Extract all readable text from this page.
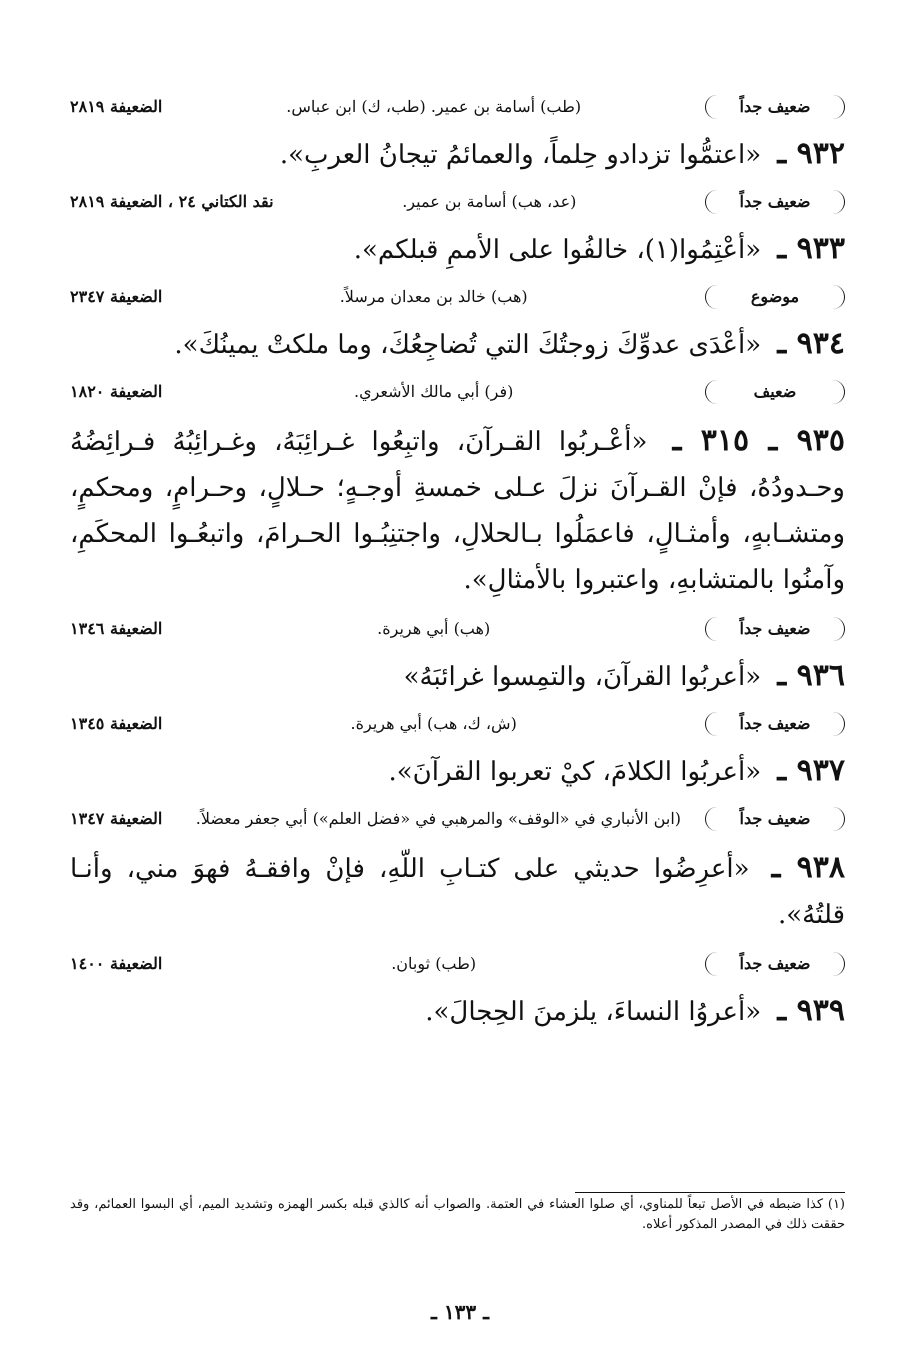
ضعيف جداً
(طب) أسامة بن عمير. (طب، ك) ابن عباس.
الضعيفة ٢٨١٩
٩٣٢ ـ «اعتمُّوا تزدادو حِلماً، والعمائمُ تيجانُ العربِ».
ضعيف جداً
(عد، هب) أسامة بن عمير.
نقد الكتاني ٢٤ ، الضعيفة ٢٨١٩
٩٣٣ ـ «أعْتِمُوا(١)، خالفُوا على الأممِ قبلكم».
موضوع
(هب) خالد بن معدان مرسلاً.
الضعيفة ٢٣٤٧
٩٣٤ ـ «أعْدَى عدوِّكَ زوجتُكَ التي تُضاجِعُكَ، وما ملكتْ يمينُكَ».
ضعيف
(فر) أبي مالك الأشعري.
الضعيفة ١٨٢٠
٩٣٥ ـ ٣١٥ ـ «أعْـربُوا القـرآنَ، واتبِعُوا غـرائِبَهُ، وغـرائِبُهُ فـرائِضُهُ وحـدودُهُ، فإنْ القـرآنَ نزلَ عـلى خمسةِ أوجـهٍ؛ حـلالٍ، وحـرامٍ، ومحكمٍ، ومتشـابهٍ، وأمثـالٍ، فاعمَلُوا بـالحلالِ، واجتنِبُـوا الحـرامَ، واتبعُـوا المحكَمِ، وآمنُوا بالمتشابهِ، واعتبروا بالأمثالِ».
ضعيف جداً
(هب) أبي هريرة.
الضعيفة ١٣٤٦
٩٣٦ ـ «أعربُوا القرآنَ، والتمِسوا غرائبَهُ»
ضعيف جداً
(ش، ك، هب) أبي هريرة.
الضعيفة ١٣٤٥
٩٣٧ ـ «أعربُوا الكلامَ، كيْ تعربوا القرآنَ».
ضعيف جداً
(ابن الأنباري في «الوقف» والمرهبي في «فضل العلم») أبي جعفر معضلاً.
الضعيفة ١٣٤٧
٩٣٨ ـ «أعرِضُوا حديثي على كتـابِ اللّهِ، فإنْ وافقـهُ فهوَ مني، وأنـا قلتُهُ».
ضعيف جداً
(طب) ثوبان.
الضعيفة ١٤٠٠
٩٣٩ ـ «أعروُا النساءَ، يلزمنَ الحِجالَ».
(١) كذا ضبطه في الأصل تبعاً للمناوي، أي صلوا العشاء في العتمة. والصواب أنه كالذي قبله بكسر الهمزه وتشديد الميم، أي البسوا العمائم، وقد حققت ذلك في المصدر المذكور أعلاه.
ـ ١٣٣ ـ
